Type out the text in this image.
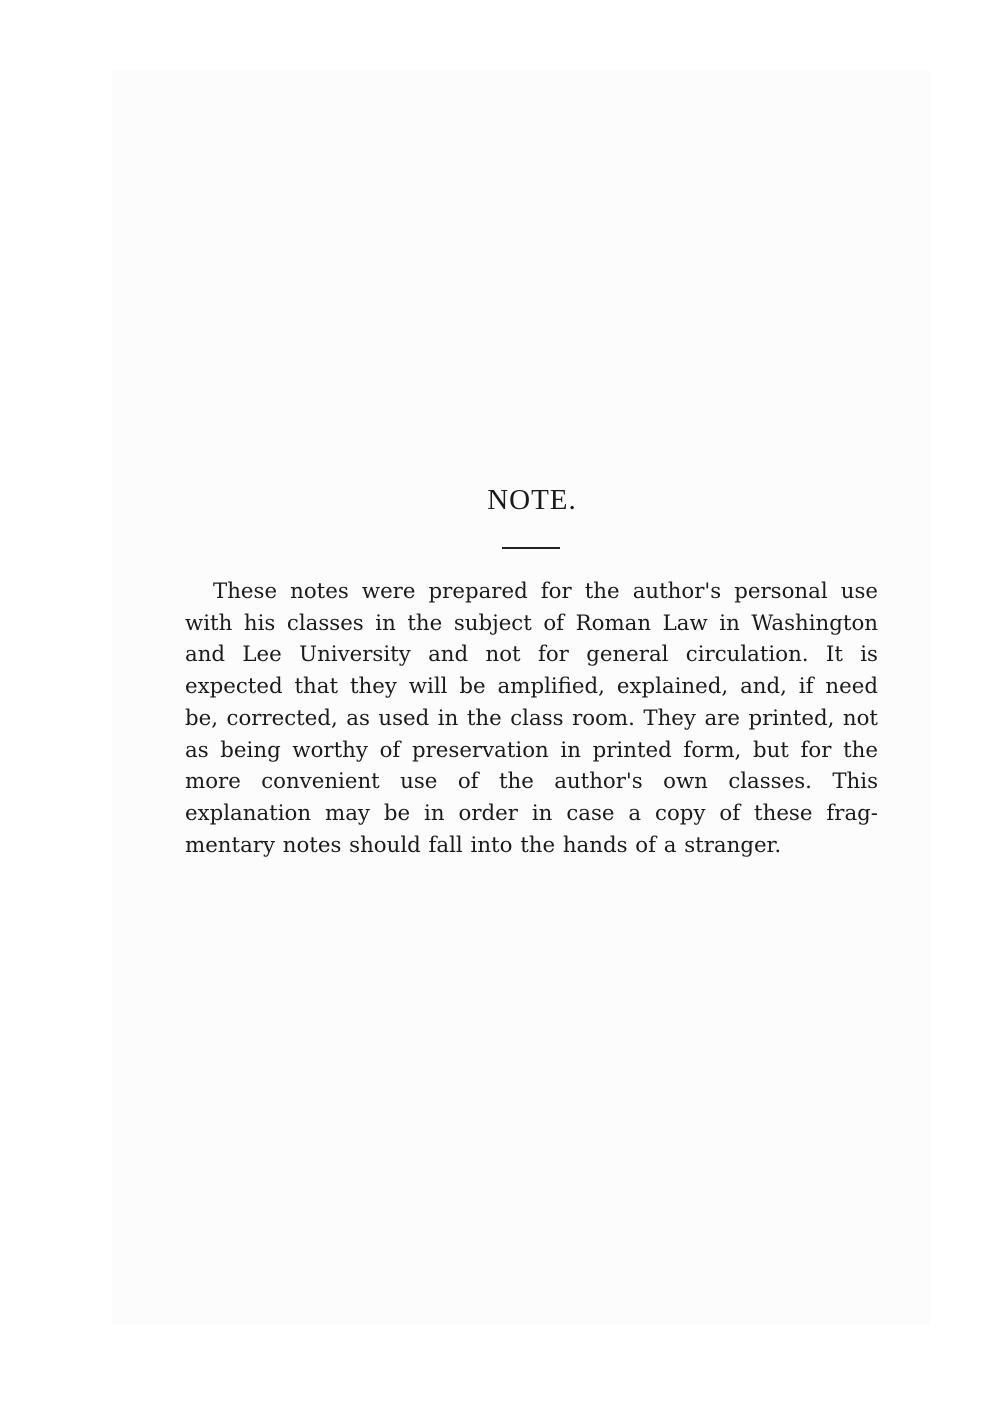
NOTE.

These notes were prepared for the author's personal use with his classes in the subject of Roman Law in Washington and Lee University and not for general circulation. It is expected that they will be amplified, explained, and, if need be, corrected, as used in the class room. They are printed, not as being worthy of preservation in printed form, but for the more convenient use of the author's own classes. This explanation may be in order in case a copy of these fragmentary notes should fall into the hands of a stranger.
